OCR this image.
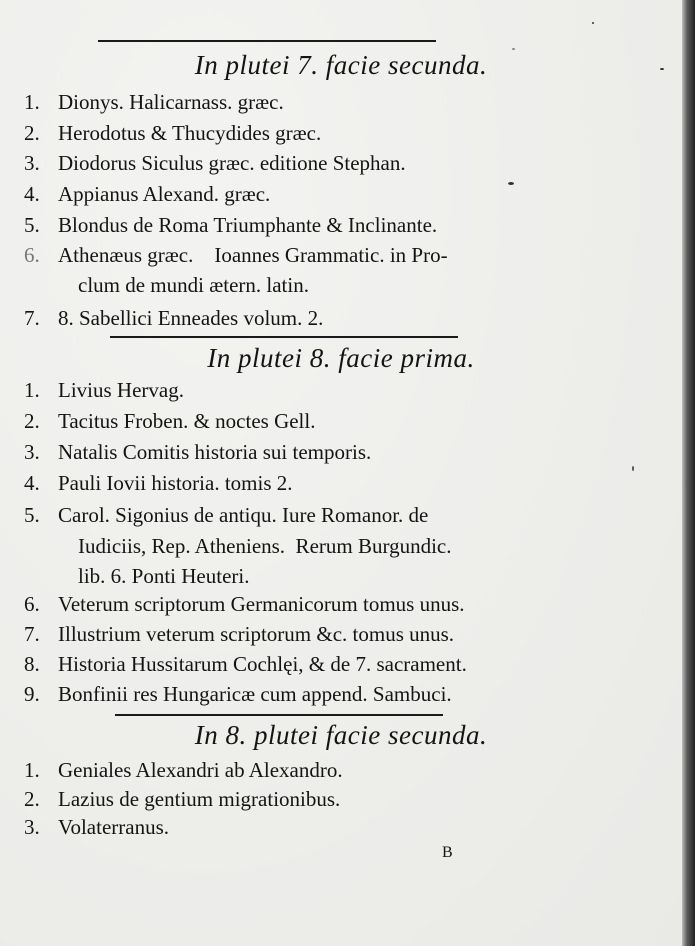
In plutei 7. facie secunda.
1. Dionys. Halicarnass. græc.
2. Herodotus & Thucydides græc.
3. Diodorus Siculus græc. editione Stephan.
4. Appianus Alexand. græc.
5. Blondus de Roma Triumphante & Inclinante.
6. Athenæus græc.    Ioannes Grammatic. in Pro-
clum de mundi ætern. latin.
7. 8. Sabellici Enneades volum. 2.
In plutei 8. facie prima.
1. Livius Hervag.
2. Tacitus Froben. & noctes Gell.
3. Natalis Comitis historia sui temporis.
4. Pauli Iovii historia. tomis 2.
5. Carol. Sigonius de antiqu. Iure Romanor. de
Iudiciis, Rep. Atheniens.  Rerum Burgundic.
lib. 6. Ponti Heuteri.
6. Veterum scriptorum Germanicorum tomus unus.
7. Illustrium veterum scriptorum &c. tomus unus.
8. Historia Hussitarum Cochlęi, & de 7. sacrament.
9. Bonfinii res Hungaricæ cum append. Sambuci.
In 8. plutei facie secunda.
1. Geniales Alexandri ab Alexandro.
2. Lazius de gentium migrationibus.
3. Volaterranus.
B
